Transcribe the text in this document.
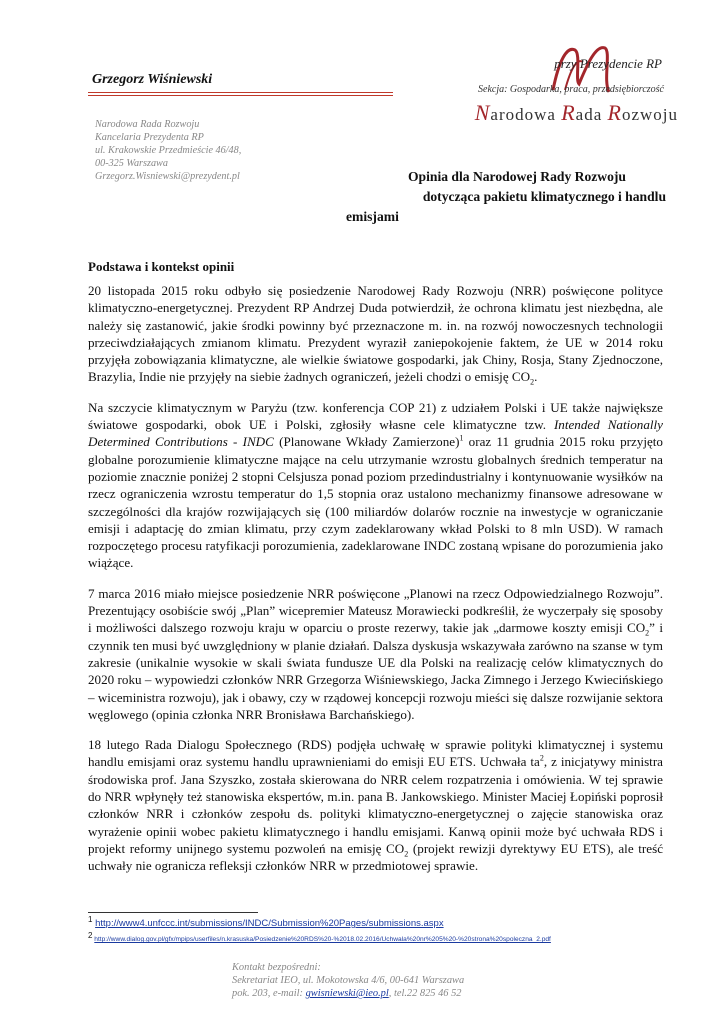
Grzegorz Wiśniewski
Narodowa Rada Rozwoju
Kancelaria Prezydenta RP
ul. Krakowskie Przedmieście 46/48,
00-325 Warszawa
Grzegorz.Wisniewski@prezydent.pl
przy Prezydencie RP
Sekcja: Gospodarka, praca, przedsiębiorczość
Narodowa Rada Rozwoju
Opinia dla Narodowej Rady Rozwoju
dotycząca pakietu klimatycznego i handlu
emisjami
Podstawa i kontekst opinii

20 listopada 2015 roku odbyło się posiedzenie Narodowej Rady Rozwoju (NRR) poświęcone polityce klimatyczno-energetycznej. Prezydent RP Andrzej Duda potwierdził, że ochrona klimatu jest niezbędna, ale należy się zastanowić, jakie środki powinny być przeznaczone m. in. na rozwój nowoczesnych technologii przeciwdziałających zmianom klimatu. Prezydent wyraził zaniepokojenie faktem, że UE w 2014 roku przyjęła zobowiązania klimatyczne, ale wielkie światowe gospodarki, jak Chiny, Rosja, Stany Zjednoczone, Brazylia, Indie nie przyjęły na siebie żadnych ograniczeń, jeżeli chodzi o emisję $CO_2$.

Na szczycie klimatycznym w Paryżu (tzw. konferencja COP 21) z udziałem Polski i UE także największe światowe gospodarki, obok UE i Polski, zgłosiły własne cele klimatyczne tzw. Intended Nationally Determined Contributions - INDC (Planowane Wkłady Zamierzone)$^1$ oraz 11 grudnia 2015 roku przyjęto globalne porozumienie klimatyczne mające na celu utrzymanie wzrostu globalnych średnich temperatur na poziomie znacznie poniżej 2 stopni Celsjusza ponad poziom przedindustrialny i kontynuowanie wysiłków na rzecz ograniczenia wzrostu temperatur do 1,5 stopnia oraz ustalono mechanizmy finansowe adresowane w szczególności dla krajów rozwijających się (100 miliardów dolarów rocznie na inwestycje w ograniczanie emisji i adaptację do zmian klimatu, przy czym zadeklarowany wkład Polski to 8 mln USD). W ramach rozpoczętego procesu ratyfikacji porozumienia, zadeklarowane INDC zostaną wpisane do porozumienia jako wiążące.

7 marca 2016 miało miejsce posiedzenie NRR poświęcone „Planowi na rzecz Odpowiedzialnego Rozwoju”. Prezentujący osobiście swój „Plan” wicepremier Mateusz Morawiecki podkreślił, że wyczerpały się sposoby i możliwości dalszego rozwoju kraju w oparciu o proste rezerwy, takie jak „darmowe koszty emisji $CO_2$” i czynnik ten musi być uwzględniony w planie działań. Dalsza dyskusja wskazywała zarówno na szanse w tym zakresie (unikalnie wysokie w skali świata fundusze UE dla Polski na realizację celów klimatycznych do 2020 roku – wypowiedzi członków NRR Grzegorza Wiśniewskiego, Jacka Zimnego i Jerzego Kwiecińskiego – wiceministra rozwoju), jak i obawy, czy w rządowej koncepcji rozwoju mieści się dalsze rozwijanie sektora węglowego (opinia członka NRR Bronisława Barchańskiego).

18 lutego Rada Dialogu Społecznego (RDS) podjęła uchwałę w sprawie polityki klimatycznej i systemu handlu emisjami oraz systemu handlu uprawnieniami do emisji EU ETS. Uchwała $ta^2$, z inicjatywy ministra środowiska prof. Jana Szyszko, została skierowana do NRR celem rozpatrzenia i omówienia. W tej sprawie do NRR wpłynęły też stanowiska ekspertów, m.in. pana B. Jankowskiego. Minister Maciej Łopiński poprosił członków NRR i członków zespołu ds. polityki klimatyczno-energetycznej o zajęcie stanowiska oraz wyrażenie opinii wobec pakietu klimatycznego i handlu emisjami. Kanwą opinii może być uchwała RDS i projekt reformy unijnego systemu pozwoleń na emisję $CO_2$ (projekt rewizji dyrektywy EU ETS), ale treść uchwały nie ogranicza refleksji członków NRR w przedmiotowej sprawie.

$^1$ http://www4.unfccc.int/submissions/INDC/Submission%20Pages/submissions.aspx
$^2$ http://www.dialog.gov.pl/gfx/mpips/userfiles/n.krasuska/Posiedzenie%20RDS%20-%2018.02.2016/Uchwala%20nr%205%20-%20strona%20spoleczna_2.pdf
Kontakt bezpośredni:
Sekretariat IEO, ul. Mokotowska 4/6, 00-641 Warszawa
pok. 203, e-mail: gwisniewski@ieo.pl, tel.22 825 46 52
